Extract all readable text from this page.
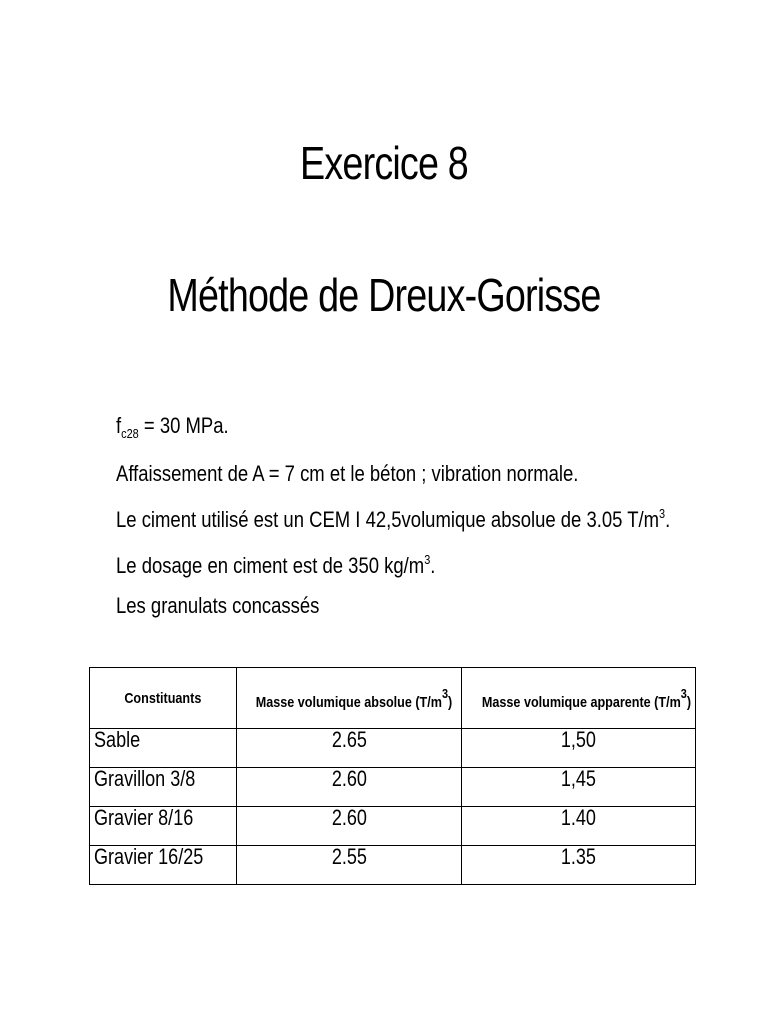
Exercice 8
Méthode de Dreux-Gorisse

$f_{c28} = 30$ MPa.

Affaissement de A = 7 cm et le béton ; vibration normale.

Le ciment utilisé est un CEM I 42,5volumique absolue de 3.05 $T/m^3$.

Le dosage en ciment est de 350 $kg/m^3$.

Les granulats concassés

Constituants	Masse volumique absolue $(T/m^3)$	Masse volumique apparente $(T/m^3)$
Sable	2.65	1,50
Gravillon 3/8	2.60	1,45
Gravier 8/16	2.60	1.40
Gravier 16/25	2.55	1.35
